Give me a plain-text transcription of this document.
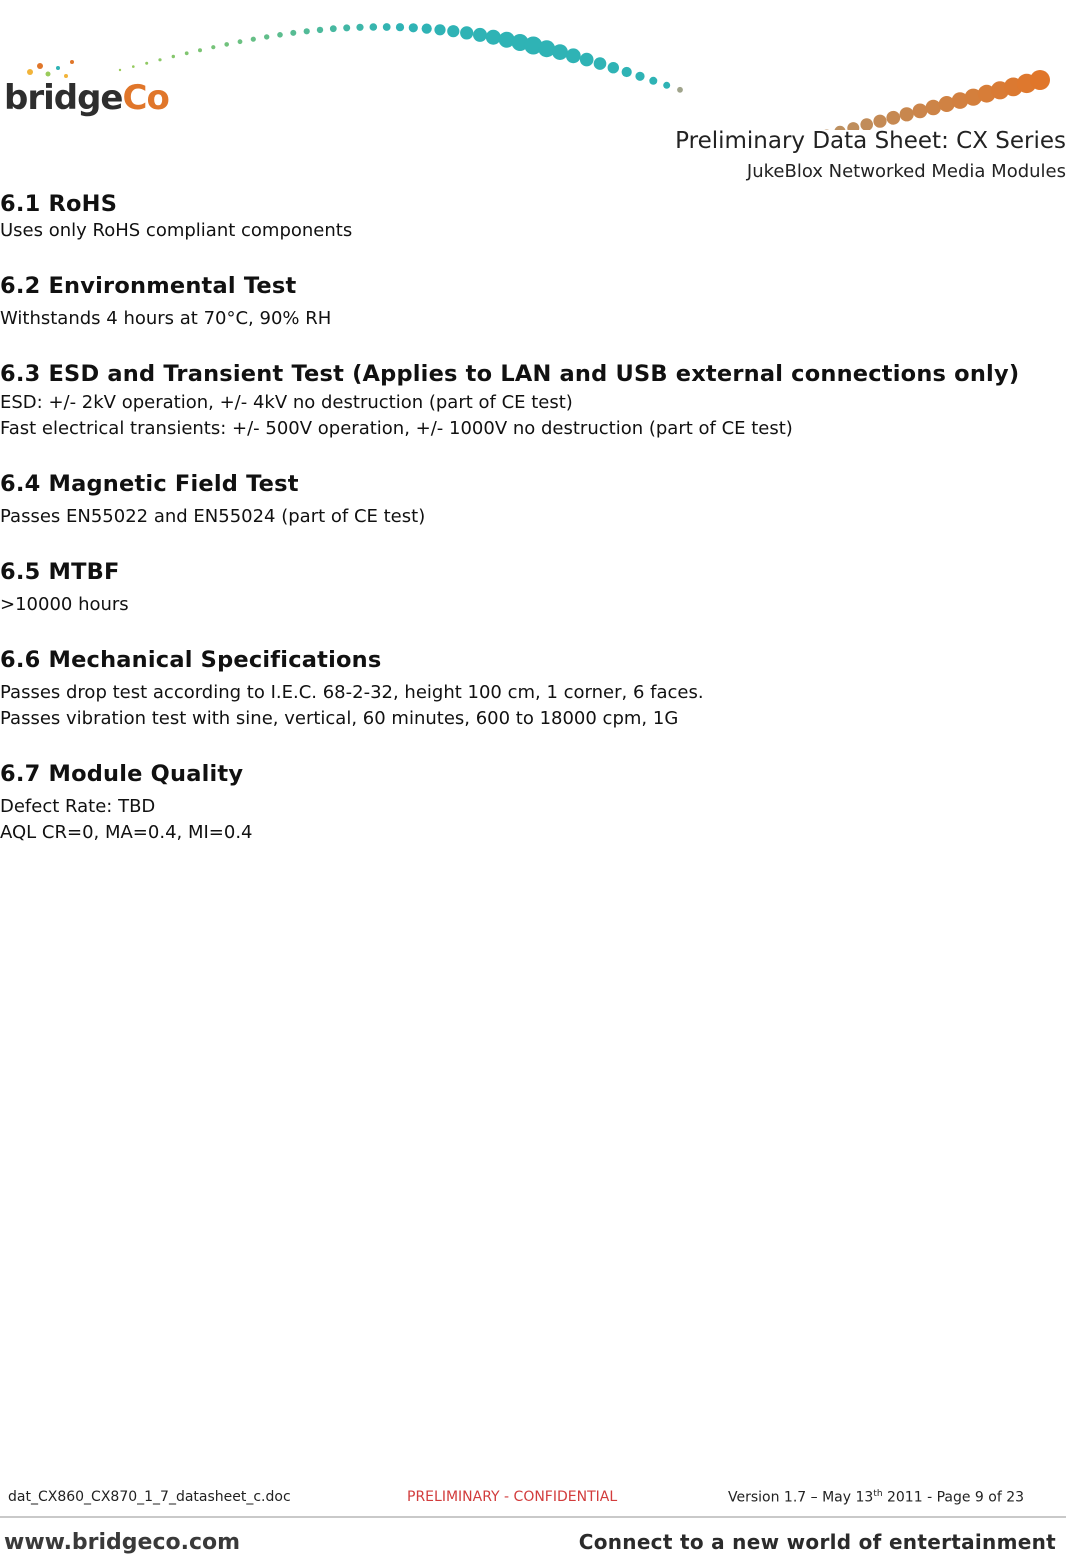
bridgeCo
Preliminary Data Sheet: CX Series
JukeBlox Networked Media Modules
6.1 RoHS

Uses only RoHS compliant components

6.2 Environmental Test

Withstands 4 hours at 70°C, 90% RH

6.3 ESD and Transient Test (Applies to LAN and USB external connections only)

ESD: +/- 2kV operation, +/- 4kV no destruction (part of CE test)

Fast electrical transients: +/- 500V operation, +/- 1000V no destruction (part of CE test)

6.4 Magnetic Field Test

Passes EN55022 and EN55024 (part of CE test)

6.5 MTBF

>10000 hours

6.6 Mechanical Specifications

Passes drop test according to I.E.C. 68-2-32, height 100 cm, 1 corner, 6 faces.

Passes vibration test with sine, vertical, 60 minutes, 600 to 18000 cpm, 1G

6.7 Module Quality

Defect Rate: TBD

AQL CR=0, MA=0.4, MI=0.4

dat_CX860_CX870_1_7_datasheet_c.doc	PRELIMINARY - CONFIDENTIAL	Version 1.7 – May 13th 2011 - Page 9 of 23
www.bridgeco.com	Connect to a new world of entertainment
